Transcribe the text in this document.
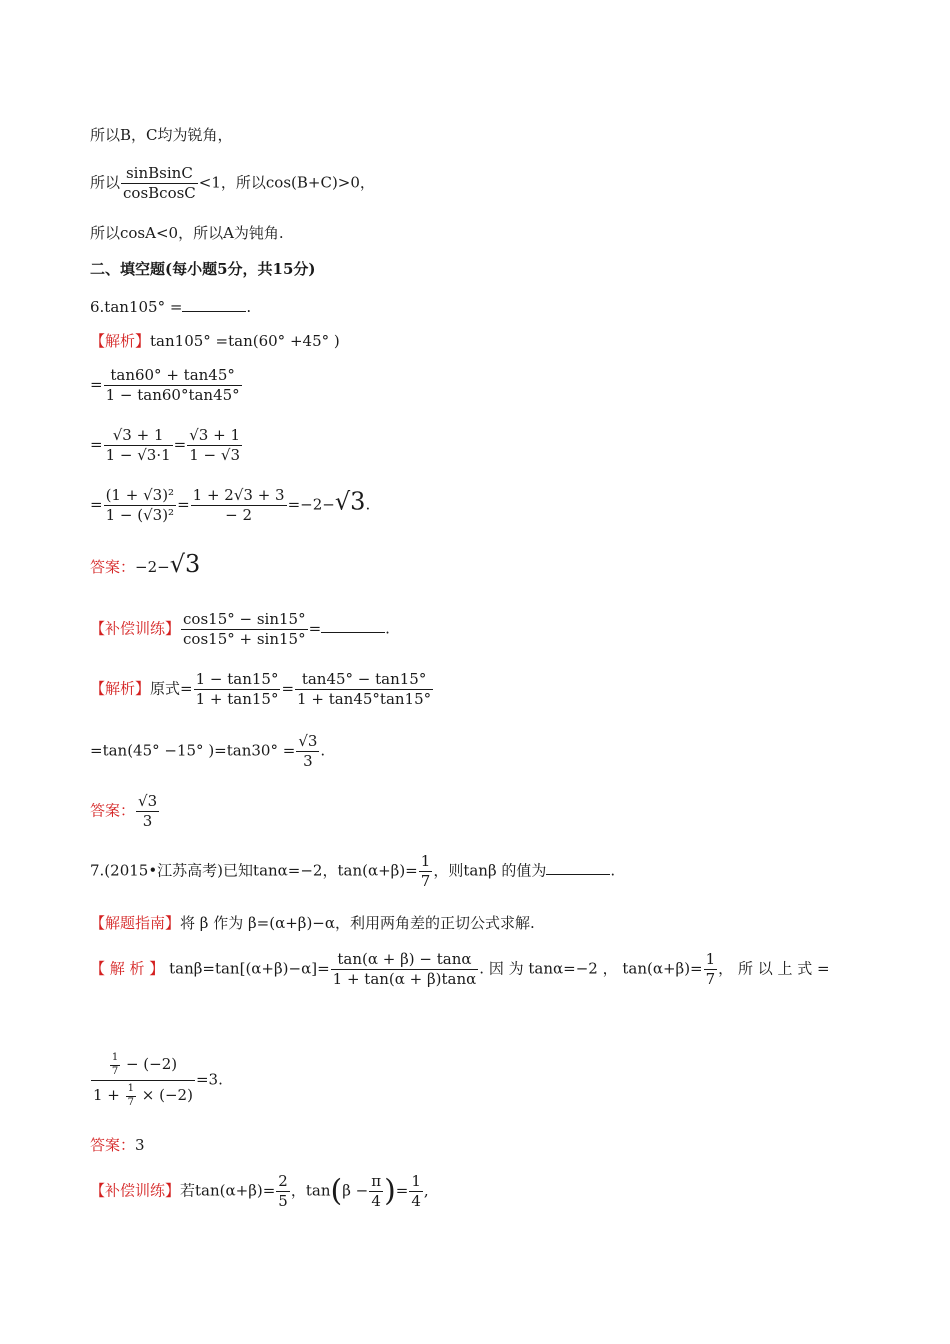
所以B，C均为锐角，
所以 $\frac{\text{sinBsinC}}{\text{cosBcosC}} <1$，所以cos(B+C)>0，
所以cosA<0，所以A为钝角.
二、填空题(每小题5分，共15分)
6.tan105° =	.
【解析】tan105° =tan(60° +45° )
= $\frac{\tan 60^\circ + \tan 45^\circ}{1 - \tan 60^\circ\tan 45^\circ}$
= $\frac{√3 + 1}{1 - √3\cdot 1} = \frac{√3 + 1}{1 - √3}$
= $\frac{\text{(1 + √3)²}}{\text{1 − (√3)²}} = \frac{1 + 2√3 + 3}{- 2} =-2-√3$.
答案：−2−√3
【补偿训练】 $\frac{\cos 15^\circ - \sin 15^\circ}{\cos 15^\circ + \sin 15^\circ}$ =	.
【解析】原式= $\frac{1 - \tan 15^\circ}{1 + \tan 15^\circ} = \frac{\tan 45^\circ - \tan 15^\circ}{1 + \tan 45^\circ\tan 15^\circ}$
=tan(45° −15° )$=\tan 30^\circ = \frac{√3}{3}$ .
答案： $\frac{√3}{3}$
7.(2015•江苏高考)已知tanα=−2，$\tan(\alpha+\beta)= \frac{1}{7}$ ，则tanβ 的值为	.
【解题指南】将 β 作为 β=(α+β)−α，利用两角差的正切公式求解.
【 解 析 】 $\tan\beta=\tan[(\alpha+\beta)-\alpha]= \frac{\tan(\alpha + \beta) - \tan\alpha}{1 + \tan(\alpha + \beta)\tan\alpha}$ . 因 为 tanα=−2 ， $\tan(\alpha+\beta)= \frac{1}{7}$ ， 所 以 上 式 =
$\frac{\frac{1}{7} - (-2)}{1 + \frac{1}{7} \times (-2)} =3$.
答案：3
【补偿训练】若$\tan(\alpha+\beta)= \frac{2}{5}$ ，$\tan(\beta - \frac{\pi}{4}$ )= $\frac{1}{4}$ ,
